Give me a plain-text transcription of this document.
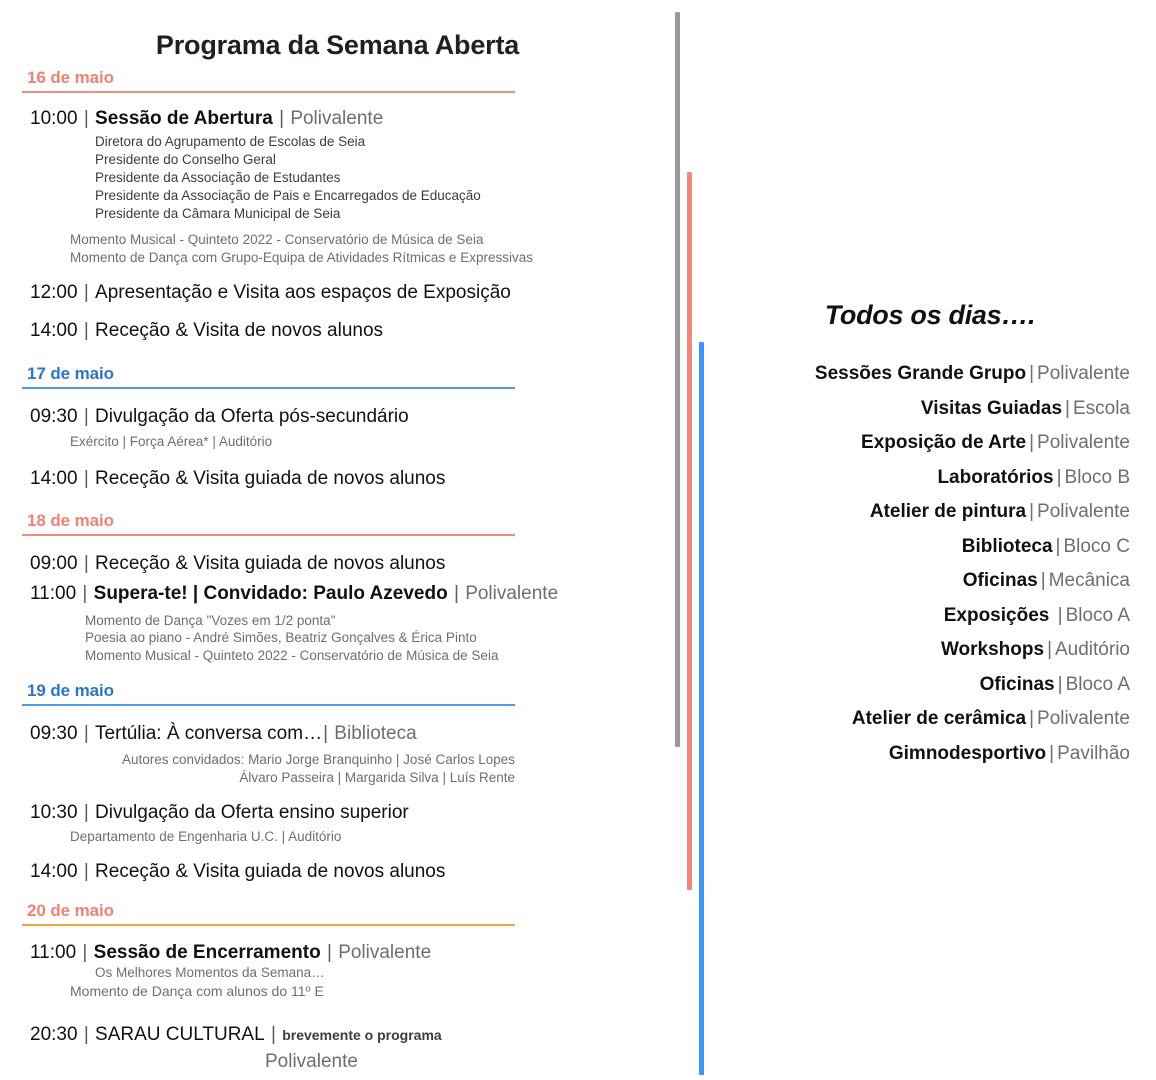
Programa da Semana Aberta
16 de maio
10:00 | Sessão de Abertura | Polivalente
Diretora do Agrupamento de Escolas de Seia
Presidente do Conselho Geral
Presidente da Associação de Estudantes
Presidente da Associação de Pais e Encarregados de Educação
Presidente da Câmara Municipal de Seia
Momento Musical - Quinteto 2022 - Conservatório de Música de Seia
Momento de Dança com Grupo-Equipa de Atividades Rítmicas e Expressivas
12:00 | Apresentação e Visita aos espaços de Exposição
14:00 | Receção & Visita de novos alunos
17 de maio
09:30 | Divulgação da Oferta pós-secundário
Exército | Força Aérea* | Auditório
14:00 | Receção & Visita guiada de novos alunos
18 de maio
09:00 | Receção & Visita guiada de novos alunos
11:00 | Supera-te! | Convidado: Paulo Azevedo | Polivalente
Momento de Dança "Vozes em 1/2 ponta"
Poesia ao piano - André Simões, Beatriz Gonçalves & Érica Pinto
Momento Musical - Quinteto 2022 - Conservatório de Música de Seia
19 de maio
09:30 | Tertúlia: À conversa com…| Biblioteca
Autores convidados: Mario Jorge Branquinho | José Carlos Lopes
Álvaro Passeira | Margarida Silva | Luís Rente
10:30 | Divulgação da Oferta ensino superior
Departamento de Engenharia U.C. | Auditório
14:00 | Receção & Visita guiada de novos alunos
20 de maio
11:00 | Sessão de Encerramento | Polivalente
Os Melhores Momentos da Semana…
Momento de Dança com alunos do 11º E
20:30 | SARAU CULTURAL | brevemente o programa
Polivalente
Todos os dias….
Sessões Grande Grupo | Polivalente
Visitas Guiadas | Escola
Exposição de Arte | Polivalente
Laboratórios | Bloco B
Atelier de pintura | Polivalente
Biblioteca | Bloco C
Oficinas | Mecânica
Exposições | Bloco A
Workshops | Auditório
Oficinas | Bloco A
Atelier de cerâmica | Polivalente
Gimnodesportivo | Pavilhão
